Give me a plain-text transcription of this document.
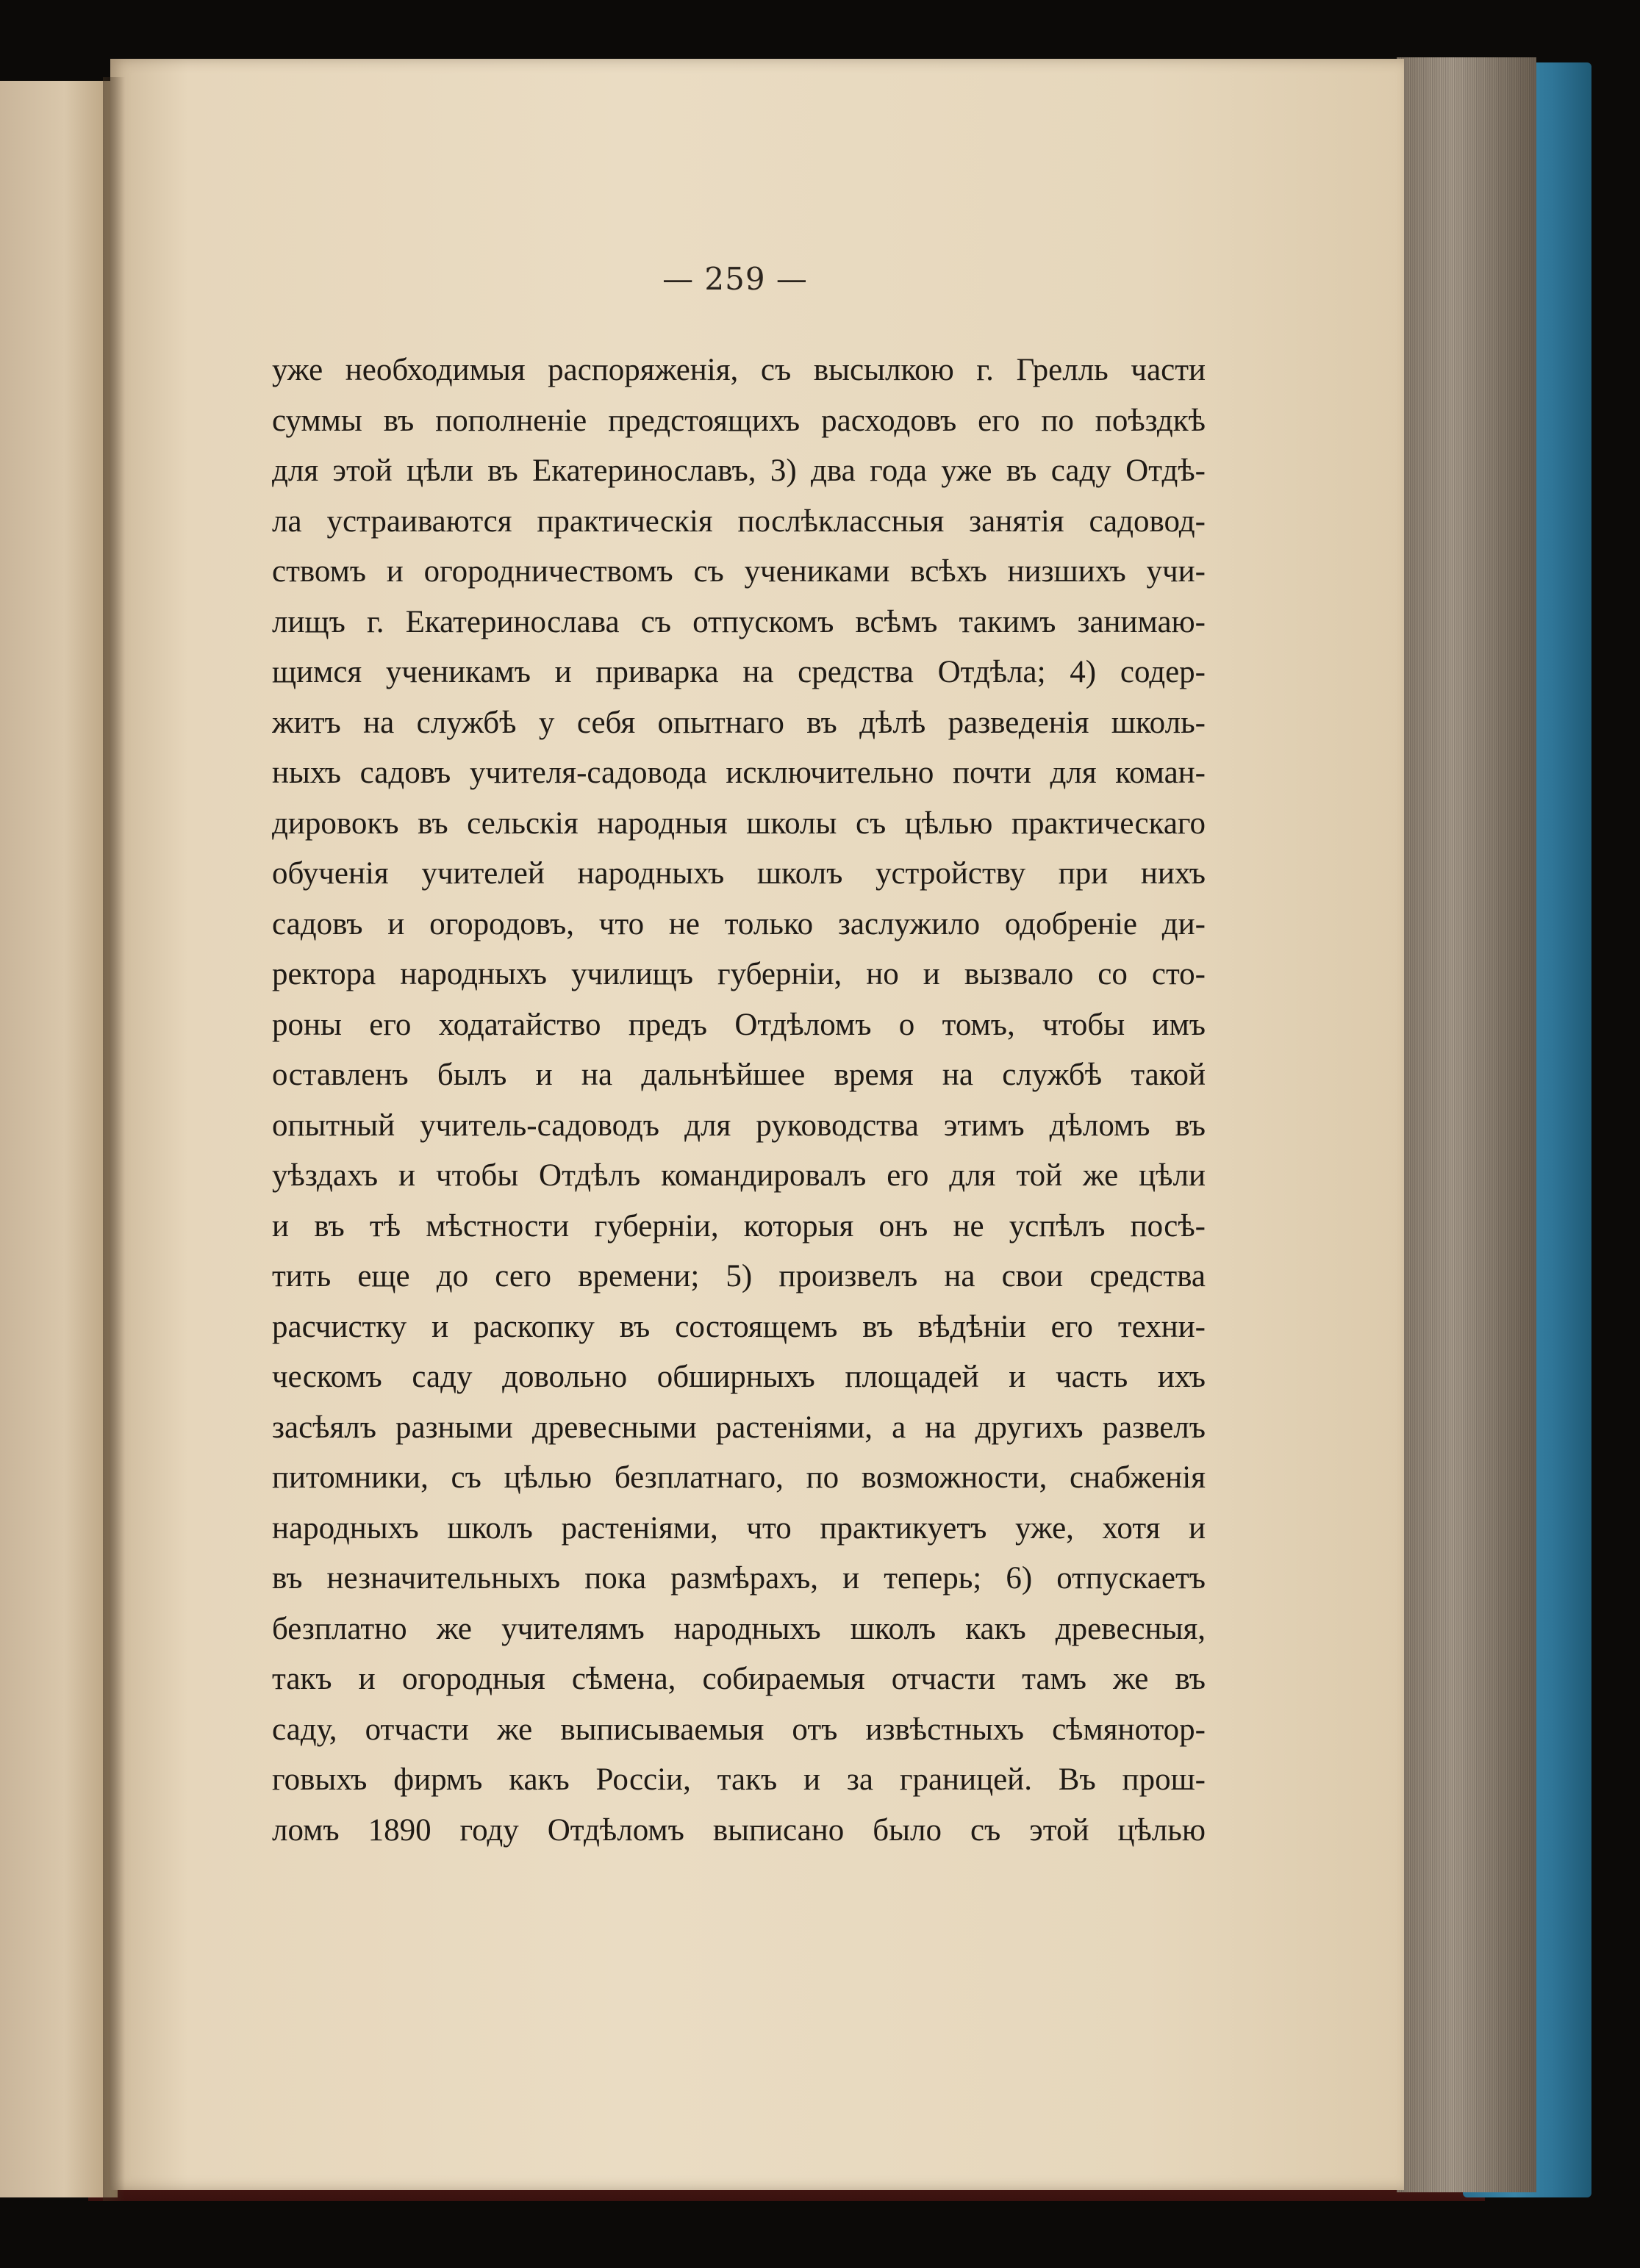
— 259 —
уже необходимыя распоряженія, съ высылкою г. Грелль части
суммы въ пополненіе предстоящихъ расходовъ его по поѣздкѣ
для этой цѣли въ Екатеринославъ, 3) два года уже въ саду Отдѣ-
ла устраиваются практическія послѣклассныя занятія садовод-
ствомъ и огородничествомъ съ учениками всѣхъ низшихъ учи-
лищъ г. Екатеринослава съ отпускомъ всѣмъ такимъ занимаю-
щимся ученикамъ и приварка на средства Отдѣла; 4) содер-
житъ на службѣ у себя опытнаго въ дѣлѣ разведенія школь-
ныхъ садовъ учителя-садовода исключительно почти для коман-
дировокъ въ сельскія народныя школы съ цѣлью практическаго
обученія учителей народныхъ школъ устройству при нихъ
садовъ и огородовъ, что не только заслужило одобреніе ди-
ректора народныхъ училищъ губерніи, но и вызвало со сто-
роны его ходатайство предъ Отдѣломъ о томъ, чтобы имъ
оставленъ былъ и на дальнѣйшее время на службѣ такой
опытный учитель-садоводъ для руководства этимъ дѣломъ въ
уѣздахъ и чтобы Отдѣлъ командировалъ его для той же цѣли
и въ тѣ мѣстности губерніи, которыя онъ не успѣлъ посѣ-
тить еще до сего времени; 5) произвелъ на свои средства
расчистку и раскопку въ состоящемъ въ вѣдѣніи его техни-
ческомъ саду довольно обширныхъ площадей и часть ихъ
засѣялъ разными древесными растеніями, а на другихъ развелъ
питомники, съ цѣлью безплатнаго, по возможности, снабженія
народныхъ школъ растеніями, что практикуетъ уже, хотя и
въ незначительныхъ пока размѣрахъ, и теперь; 6) отпускаетъ
безплатно же учителямъ народныхъ школъ какъ древесныя,
такъ и огородныя сѣмена, собираемыя отчасти тамъ же въ
саду, отчасти же выписываемыя отъ извѣстныхъ сѣмянотор-
говыхъ фирмъ какъ Россіи, такъ и за границей. Въ прош-
ломъ 1890 году Отдѣломъ выписано было съ этой цѣлью
